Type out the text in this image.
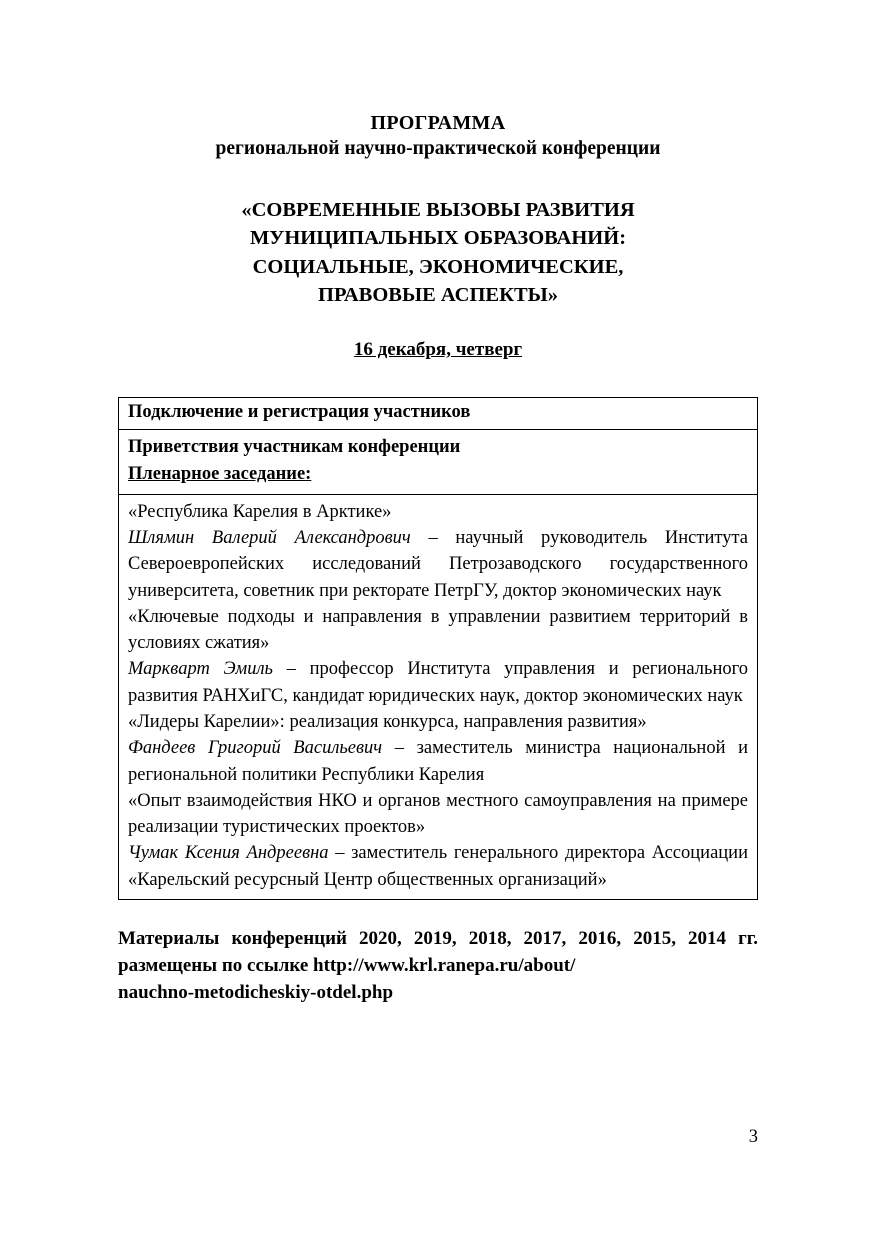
ПРОГРАММА
региональной научно-практической конференции
«СОВРЕМЕННЫЕ ВЫЗОВЫ РАЗВИТИЯ
МУНИЦИПАЛЬНЫХ ОБРАЗОВАНИЙ:
СОЦИАЛЬНЫЕ, ЭКОНОМИЧЕСКИЕ,
ПРАВОВЫЕ АСПЕКТЫ»
16 декабря, четверг
Подключение и регистрация участников

Приветствия участникам конференции
Пленарное заседание:

«Республика Карелия в Арктике»
Шлямин Валерий Александрович – научный руководитель Института Североевропейских исследований Петрозаводского государственного университета, советник при ректорате ПетрГУ, доктор экономических наук
«Ключевые подходы и направления в управлении развитием территорий в условиях сжатия»
Маркварт Эмиль – профессор Института управления и регионального развития РАНХиГС, кандидат юридических наук, доктор экономических наук
«Лидеры Карелии»: реализация конкурса, направления развития»
Фандеев Григорий Васильевич – заместитель министра национальной и региональной политики Республики Карелия
«Опыт взаимодействия НКО и органов местного самоуправления на примере реализации туристических проектов»
Чумак Ксения Андреевна – заместитель генерального директора Ассоциации «Карельский ресурсный Центр общественных организаций»
Материалы конференций 2020, 2019, 2018, 2017, 2016, 2015, 2014 гг. размещены по ссылке http://www.krl.ranepa.ru/about/
nauchno-metodicheskiy-otdel.php
3
